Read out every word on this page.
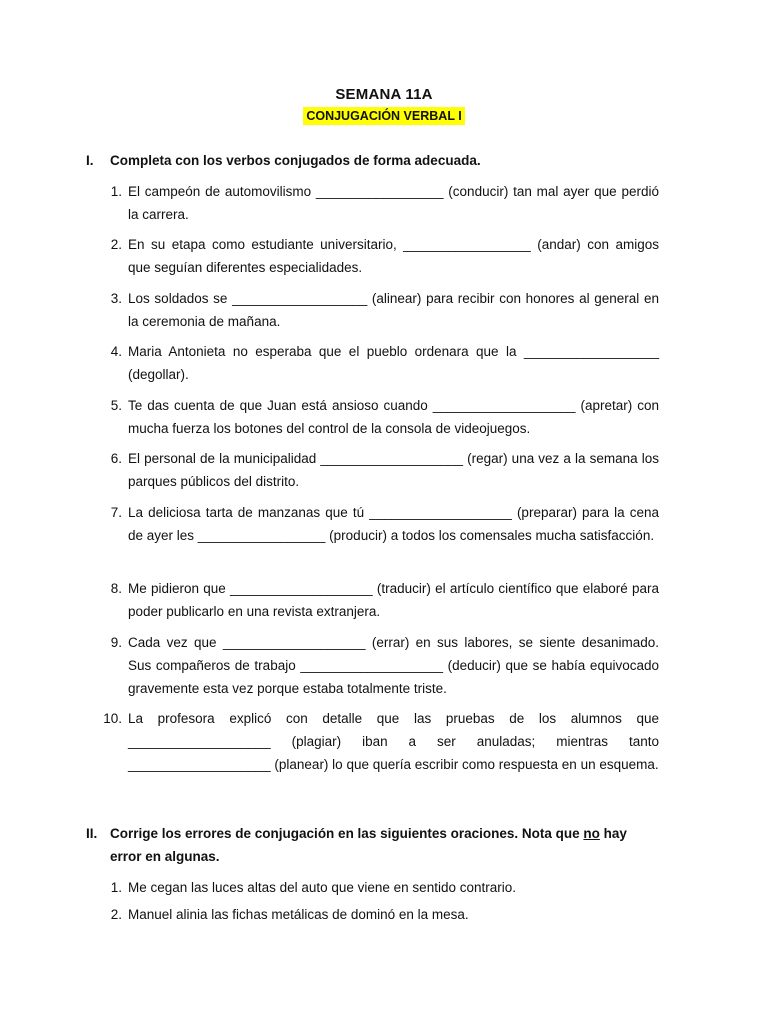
SEMANA 11A
CONJUGACIÓN VERBAL I
I.	Completa con los verbos conjugados de forma adecuada.
1. El campeón de automovilismo _________________ (conducir) tan mal ayer que perdió la carrera.
2. En su etapa como estudiante universitario, _________________ (andar) con amigos que seguían diferentes especialidades.
3. Los soldados se __________________ (alinear) para recibir con honores al general en la ceremonia de mañana.
4. Maria Antonieta no esperaba que el pueblo ordenara que la __________________ (degollar).
5. Te das cuenta de que Juan está ansioso cuando ___________________ (apretar) con mucha fuerza los botones del control de la consola de videojuegos.
6. El personal de la municipalidad ___________________ (regar) una vez a la semana los parques públicos del distrito.
7. La deliciosa tarta de manzanas que tú ___________________ (preparar) para la cena de ayer les _________________ (producir) a todos los comensales mucha satisfacción.
8. Me pidieron que ___________________ (traducir) el artículo científico que elaboré para poder publicarlo en una revista extranjera.
9. Cada vez que ___________________ (errar) en sus labores, se siente desanimado. Sus compañeros de trabajo ___________________ (deducir) que se había equivocado gravemente esta vez porque estaba totalmente triste.
10. La profesora explicó con detalle que las pruebas de los alumnos que ___________________ (plagiar) iban a ser anuladas; mientras tanto ___________________ (planear) lo que quería escribir como respuesta en un esquema.
II. Corrige los errores de conjugación en las siguientes oraciones. Nota que no hay error en algunas.
1. Me cegan las luces altas del auto que viene en sentido contrario.
2. Manuel alinia las fichas metálicas de dominó en la mesa.
